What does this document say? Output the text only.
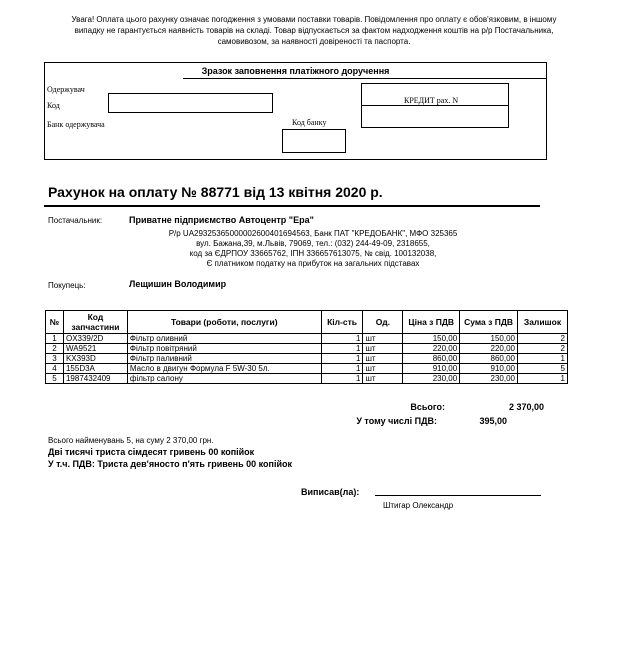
Увага! Оплата цього рахунку означає погодження з умовами поставки товарів. Повідомлення про оплату є обов'язковим, в іншому
випадку не гарантується наявність товарів на складі. Товар відпускається за фактом надходження коштів на р/р Постачальника,
самовивозом, за наявності довіреності та паспорта.
Зразок заповнення платіжного доручення
Одержувач
Код
Банк одержувача	Код банку
КРЕДИТ рах. N
Рахунок на оплату № 88771 від 13 квітня 2020 р.
Постачальник:	Приватне підприємство Автоцентр "Ера"
Р/р UA293253650000026004016945​63, Банк ПАТ "КРЕДОБАНК", МФО 325365
вул. Бажана,39, м.Львів, 79069, тел.: (032) 244-49-09, 2318655,
код за ЄДРПОУ 33665762, ІПН 336657613075, № свід. 100132038,
Є платником податку на прибуток на загальних підставах
Покупець:	Лещишин Володимир
№	Код запчастини	Товари (роботи, послуги)	Кіл-сть	Од.	Ціна з ПДВ	Сума з ПДВ	Залишок
1	OX339/2D	Фільтр оливний	1	шт	150,00	150,00	2
2	WA9521	Фільтр повітряний	1	шт	220,00	220,00	2
3	KX393D	Фільтр паливний	1	шт	860,00	860,00	1
4	155D3A	Масло в двигун Формула F 5W-30 5л.	1	шт	910,00	910,00	5
5	1987432409	фільтр салону	1	шт	230,00	230,00	1
Всього:	2 370,00
У тому числі ПДВ:	395,00
Всього найменувань 5, на суму 2 370,00 грн.
Дві тисячі триста сімдесят гривень 00 копійок
У т.ч. ПДВ: Триста дев'яносто п'ять гривень 00 копійок
Виписав(ла):
Штигар Олександр
